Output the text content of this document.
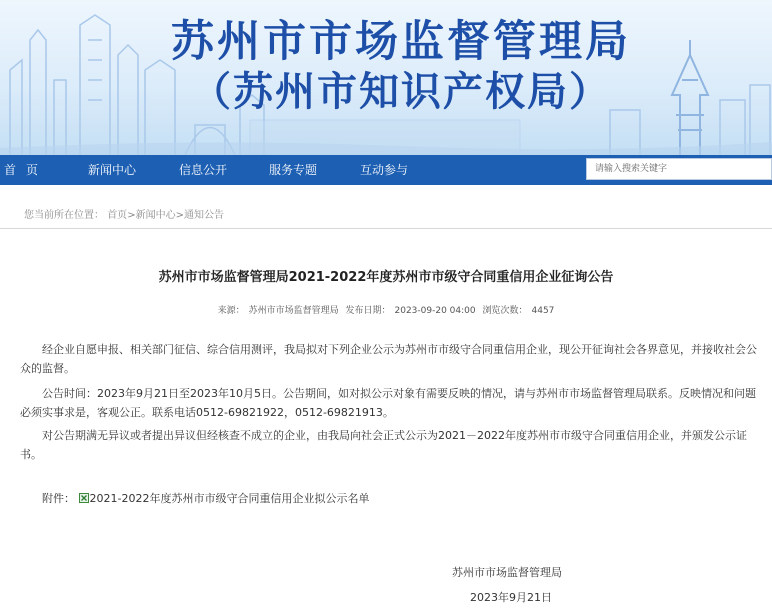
苏州市市场监督管理局
（苏州市知识产权局）
首页	新闻中心	信息公开	服务专题	互动参与	请输入搜索关键字
您当前所在位置： 首页>新闻中心>通知公告
苏州市市场监督管理局2021-2022年度苏州市市级守合同重信用企业征询公告
来源： 苏州市市场监督管理局 发布日期： 2023-09-20 04:00 浏览次数： 4457

经企业自愿申报、相关部门征信、综合信用测评，我局拟对下列企业公示为苏州市市级守合同重信用企业，现公开征询社会各界意见，并接收社会公众的监督。

公告时间：2023年9月21日至2023年10月5日。公告期间，如对拟公示对象有需要反映的情况，请与苏州市市场监督管理局联系。反映情况和问题必须实事求是，客观公正。联系电话0512-69821922，0512-69821913。

对公告期满无异议或者提出异议但经核查不成立的企业，由我局向社会正式公示为2021－2022年度苏州市市级守合同重信用企业，并颁发公示证书。

附件： 2021-2022年度苏州市市级守合同重信用企业拟公示名单
苏州市市场监督管理局
2023年9月21日
